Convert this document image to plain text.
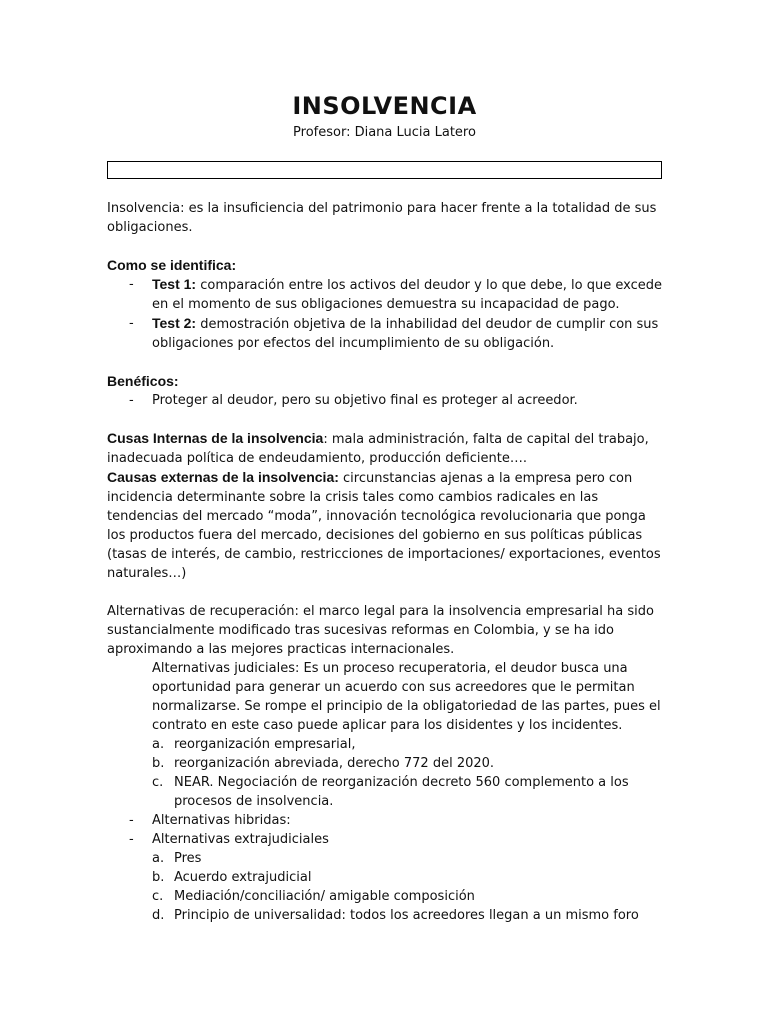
INSOLVENCIA
Profesor: Diana Lucia Latero

Insolvencia: es la insuficiencia del patrimonio para hacer frente a la totalidad de sus obligaciones.

Como se identifica:

- Test 1: comparación entre los activos del deudor y lo que debe, lo que excede en el momento de sus obligaciones demuestra su incapacidad de pago.
- Test 2: demostración objetiva de la inhabilidad del deudor de cumplir con sus obligaciones por efectos del incumplimiento de su obligación.

Benéficos:

- Proteger al deudor, pero su objetivo final es proteger al acreedor.

Cusas Internas de la insolvencia: mala administración, falta de capital del trabajo, inadecuada política de endeudamiento, producción deficiente….

Causas externas de la insolvencia: circunstancias ajenas a la empresa pero con incidencia determinante sobre la crisis tales como cambios radicales en las tendencias del mercado “moda”, innovación tecnológica revolucionaria que ponga los productos fuera del mercado, decisiones del gobierno en sus políticas públicas (tasas de interés, de cambio, restricciones de importaciones/ exportaciones, eventos naturales…)

Alternativas de recuperación: el marco legal para la insolvencia empresarial ha sido sustancialmente modificado tras sucesivas reformas en Colombia, y se ha ido aproximando a las mejores practicas internacionales.

Alternativas judiciales: Es un proceso recuperatoria, el deudor busca una oportunidad para generar un acuerdo con sus acreedores que le permitan normalizarse. Se rompe el principio de la obligatoriedad de las partes, pues el contrato en este caso puede aplicar para los disidentes y los incidentes.

a. reorganización empresarial,
b. reorganización abreviada, derecho 772 del 2020.
c. NEAR. Negociación de reorganización decreto 560 complemento a los procesos de insolvencia.
- Alternativas hibridas:
- Alternativas extrajudiciales
a. Pres
b. Acuerdo extrajudicial
c. Mediación/conciliación/ amigable composición
d. Principio de universalidad: todos los acreedores llegan a un mismo foro
